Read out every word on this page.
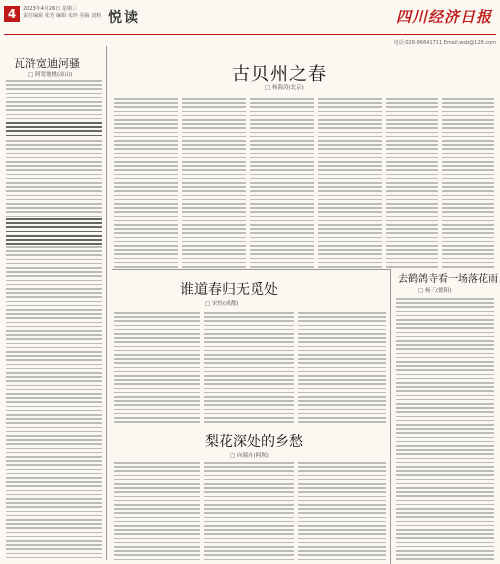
4	2023年4月26日 星期三
责任编辑 张芳 编辑 朱珍 美编 刘莉 悦读	四川经济日报
电话:028-86641711 Email:wsb@128.com
瓦浒宽迪河骚
□ 阿宽地桃(凉山)	古贝州之春
□ 杨海涛(北京)
谁道春归无觅处
□ 宋恒(成都)
梨花深处的乡愁
□ 向端卉(阿坝)
去鹤鸽寺看一场落花雨
□ 杨三(德阳)
